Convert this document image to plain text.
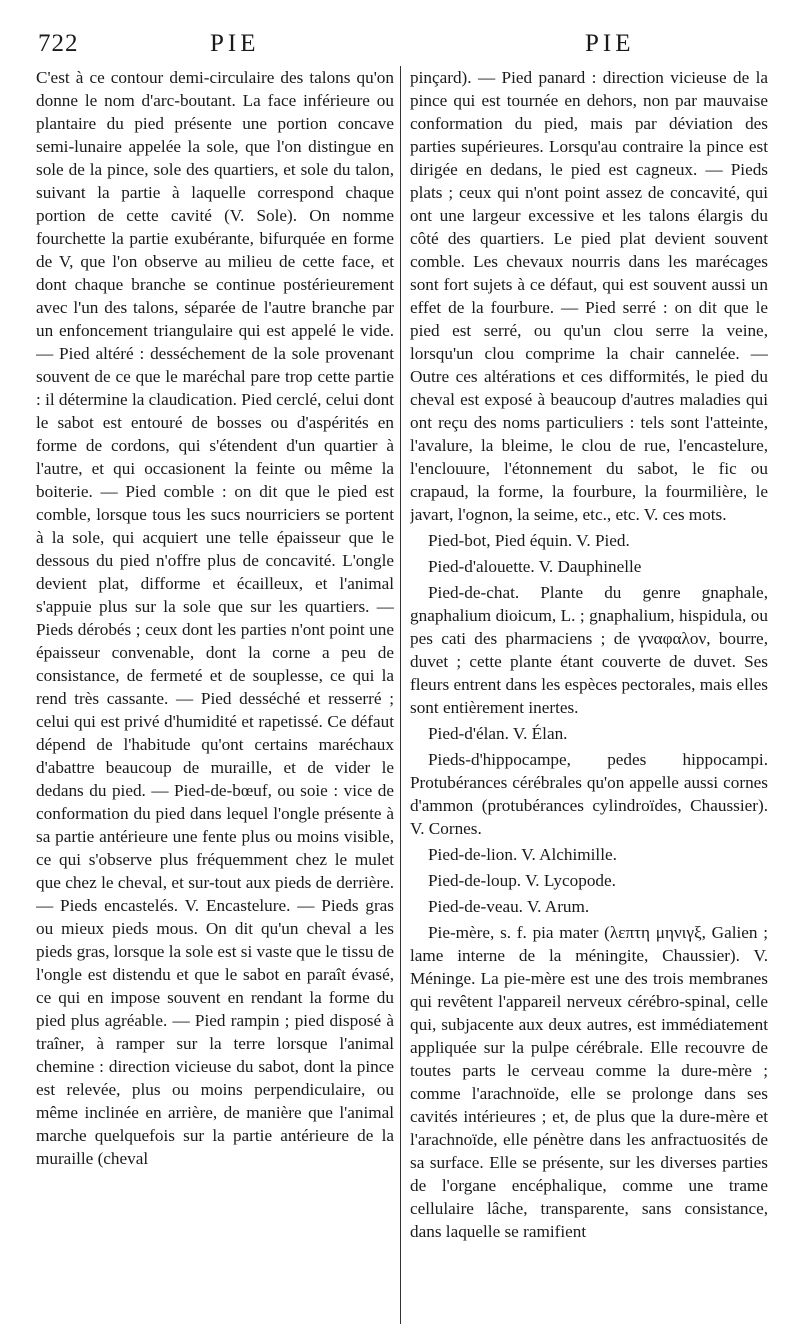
722	PIE	PIE

C'est à ce contour demi-circulaire des talons qu'on donne le nom d'arc-boutant. La face inférieure ou plantaire du pied présente une portion concave semi-lunaire appelée la sole, que l'on distingue en sole de la pince, sole des quartiers, et sole du talon, suivant la partie à laquelle correspond chaque portion de cette cavité (V. Sole). On nomme fourchette la partie exubérante, bifurquée en forme de V, que l'on observe au milieu de cette face, et dont chaque branche se continue postérieurement avec l'un des talons, séparée de l'autre branche par un enfoncement triangulaire qui est appelé le vide. — Pied altéré : desséchement de la sole provenant souvent de ce que le maréchal pare trop cette partie : il détermine la claudication. Pied cerclé, celui dont le sabot est entouré de bosses ou d'aspérités en forme de cordons, qui s'étendent d'un quartier à l'autre, et qui occasionent la feinte ou même la boiterie. — Pied comble : on dit que le pied est comble, lorsque tous les sucs nourriciers se portent à la sole, qui acquiert une telle épaisseur que le dessous du pied n'offre plus de concavité. L'ongle devient plat, difforme et écailleux, et l'animal s'appuie plus sur la sole que sur les quartiers. — Pieds dérobés ; ceux dont les parties n'ont point une épaisseur convenable, dont la corne a peu de consistance, de fermeté et de souplesse, ce qui la rend très cassante. — Pied desséché et resserré ; celui qui est privé d'humidité et rapetissé. Ce défaut dépend de l'habitude qu'ont certains maréchaux d'abattre beaucoup de muraille, et de vider le dedans du pied. — Pied-de-bœuf, ou soie : vice de conformation du pied dans lequel l'ongle présente à sa partie antérieure une fente plus ou moins visible, ce qui s'observe plus fréquemment chez le mulet que chez le cheval, et sur-tout aux pieds de derrière. — Pieds encastelés. V. Encastelure. — Pieds gras ou mieux pieds mous. On dit qu'un cheval a les pieds gras, lorsque la sole est si vaste que le tissu de l'ongle est distendu et que le sabot en paraît évasé, ce qui en impose souvent en rendant la forme du pied plus agréable. — Pied rampin ; pied disposé à traîner, à ramper sur la terre lorsque l'animal chemine : direction vicieuse du sabot, dont la pince est relevée, plus ou moins perpendiculaire, ou même inclinée en arrière, de manière que l'animal marche quelquefois sur la partie antérieure de la muraille (cheval

pinçard). — Pied panard : direction vicieuse de la pince qui est tournée en dehors, non par mauvaise conformation du pied, mais par déviation des parties supérieures. Lorsqu'au contraire la pince est dirigée en dedans, le pied est cagneux. — Pieds plats ; ceux qui n'ont point assez de concavité, qui ont une largeur excessive et les talons élargis du côté des quartiers. Le pied plat devient souvent comble. Les chevaux nourris dans les marécages sont fort sujets à ce défaut, qui est souvent aussi un effet de la fourbure. — Pied serré : on dit que le pied est serré, ou qu'un clou serre la veine, lorsqu'un clou comprime la chair cannelée. — Outre ces altérations et ces difformités, le pied du cheval est exposé à beaucoup d'autres maladies qui ont reçu des noms particuliers : tels sont l'atteinte, l'avalure, la bleime, le clou de rue, l'encastelure, l'enclouure, l'étonnement du sabot, le fic ou crapaud, la forme, la fourbure, la fourmilière, le javart, l'ognon, la seime, etc., etc. V. ces mots.

Pied-bot, Pied équin. V. Pied.

Pied-d'alouette. V. Dauphinelle

Pied-de-chat. Plante du genre gnaphale, gnaphalium dioicum, L. ; gnaphalium, hispidula, ou pes cati des pharmaciens ; de γναφαλον, bourre, duvet ; cette plante étant couverte de duvet. Ses fleurs entrent dans les espèces pectorales, mais elles sont entièrement inertes.

Pied-d'élan. V. Élan.

Pieds-d'hippocampe, pedes hippocampi. Protubérances cérébrales qu'on appelle aussi cornes d'ammon (protubérances cylindroïdes, Chaussier). V. Cornes.

Pied-de-lion. V. Alchimille.

Pied-de-loup. V. Lycopode.

Pied-de-veau. V. Arum.

Pie-mère, s. f. pia mater (λεπτη μηνιγξ, Galien ; lame interne de la méningite, Chaussier). V. Méninge. La pie-mère est une des trois membranes qui revêtent l'appareil nerveux cérébro-spinal, celle qui, subjacente aux deux autres, est immédiatement appliquée sur la pulpe cérébrale. Elle recouvre de toutes parts le cerveau comme la dure-mère ; comme l'arachnoïde, elle se prolonge dans ses cavités intérieures ; et, de plus que la dure-mère et l'arachnoïde, elle pénètre dans les anfractuosités de sa surface. Elle se présente, sur les diverses parties de l'organe encéphalique, comme une trame cellulaire lâche, transparente, sans consistance, dans laquelle se ramifient
